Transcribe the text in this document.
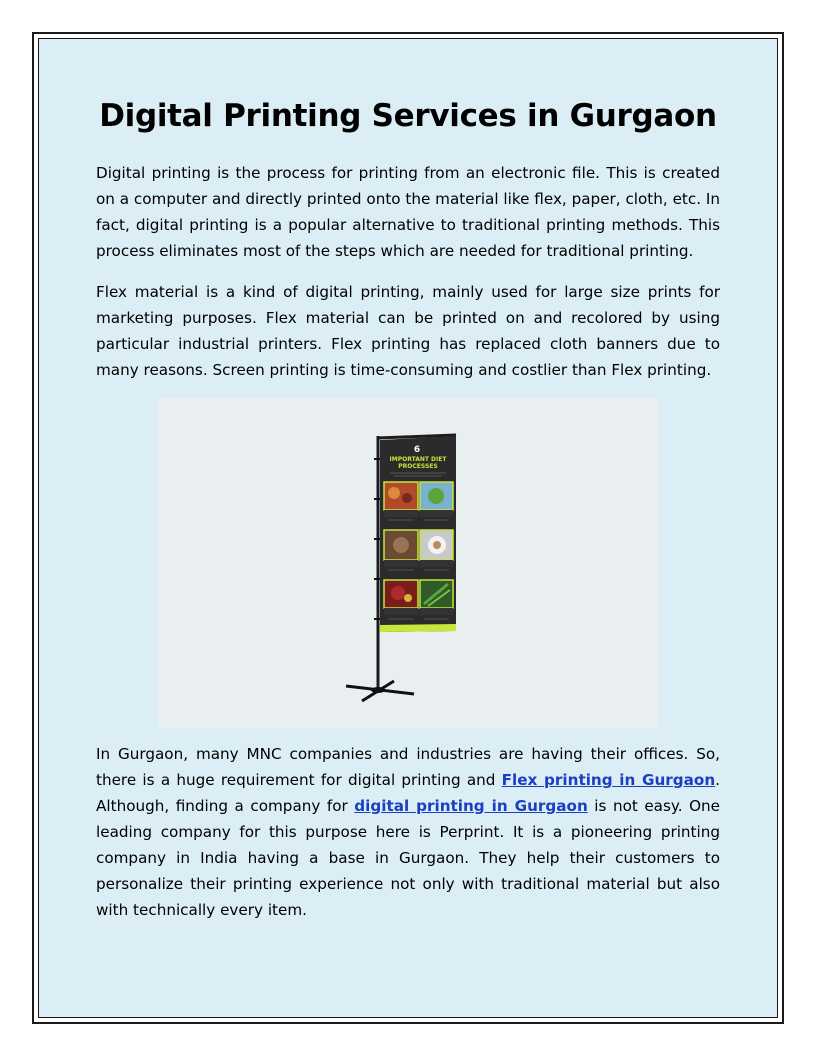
Digital Printing Services in Gurgaon

Digital printing is the process for printing from an electronic file. This is created on a computer and directly printed onto the material like flex, paper, cloth, etc. In fact, digital printing is a popular alternative to traditional printing methods. This process eliminates most of the steps which are needed for traditional printing.

Flex material is a kind of digital printing, mainly used for large size prints for marketing purposes. Flex material can be printed on and recolored by using particular industrial printers. Flex printing has replaced cloth banners due to many reasons. Screen printing is time-consuming and costlier than Flex printing.

6
IMPORTANT DIET
PROCESSES

In Gurgaon, many MNC companies and industries are having their offices. So, there is a huge requirement for digital printing and Flex printing in Gurgaon. Although, finding a company for digital printing in Gurgaon is not easy. One leading company for this purpose here is Perprint. It is a pioneering printing company in India having a base in Gurgaon. They help their customers to personalize their printing experience not only with traditional material but also with technically every item.
